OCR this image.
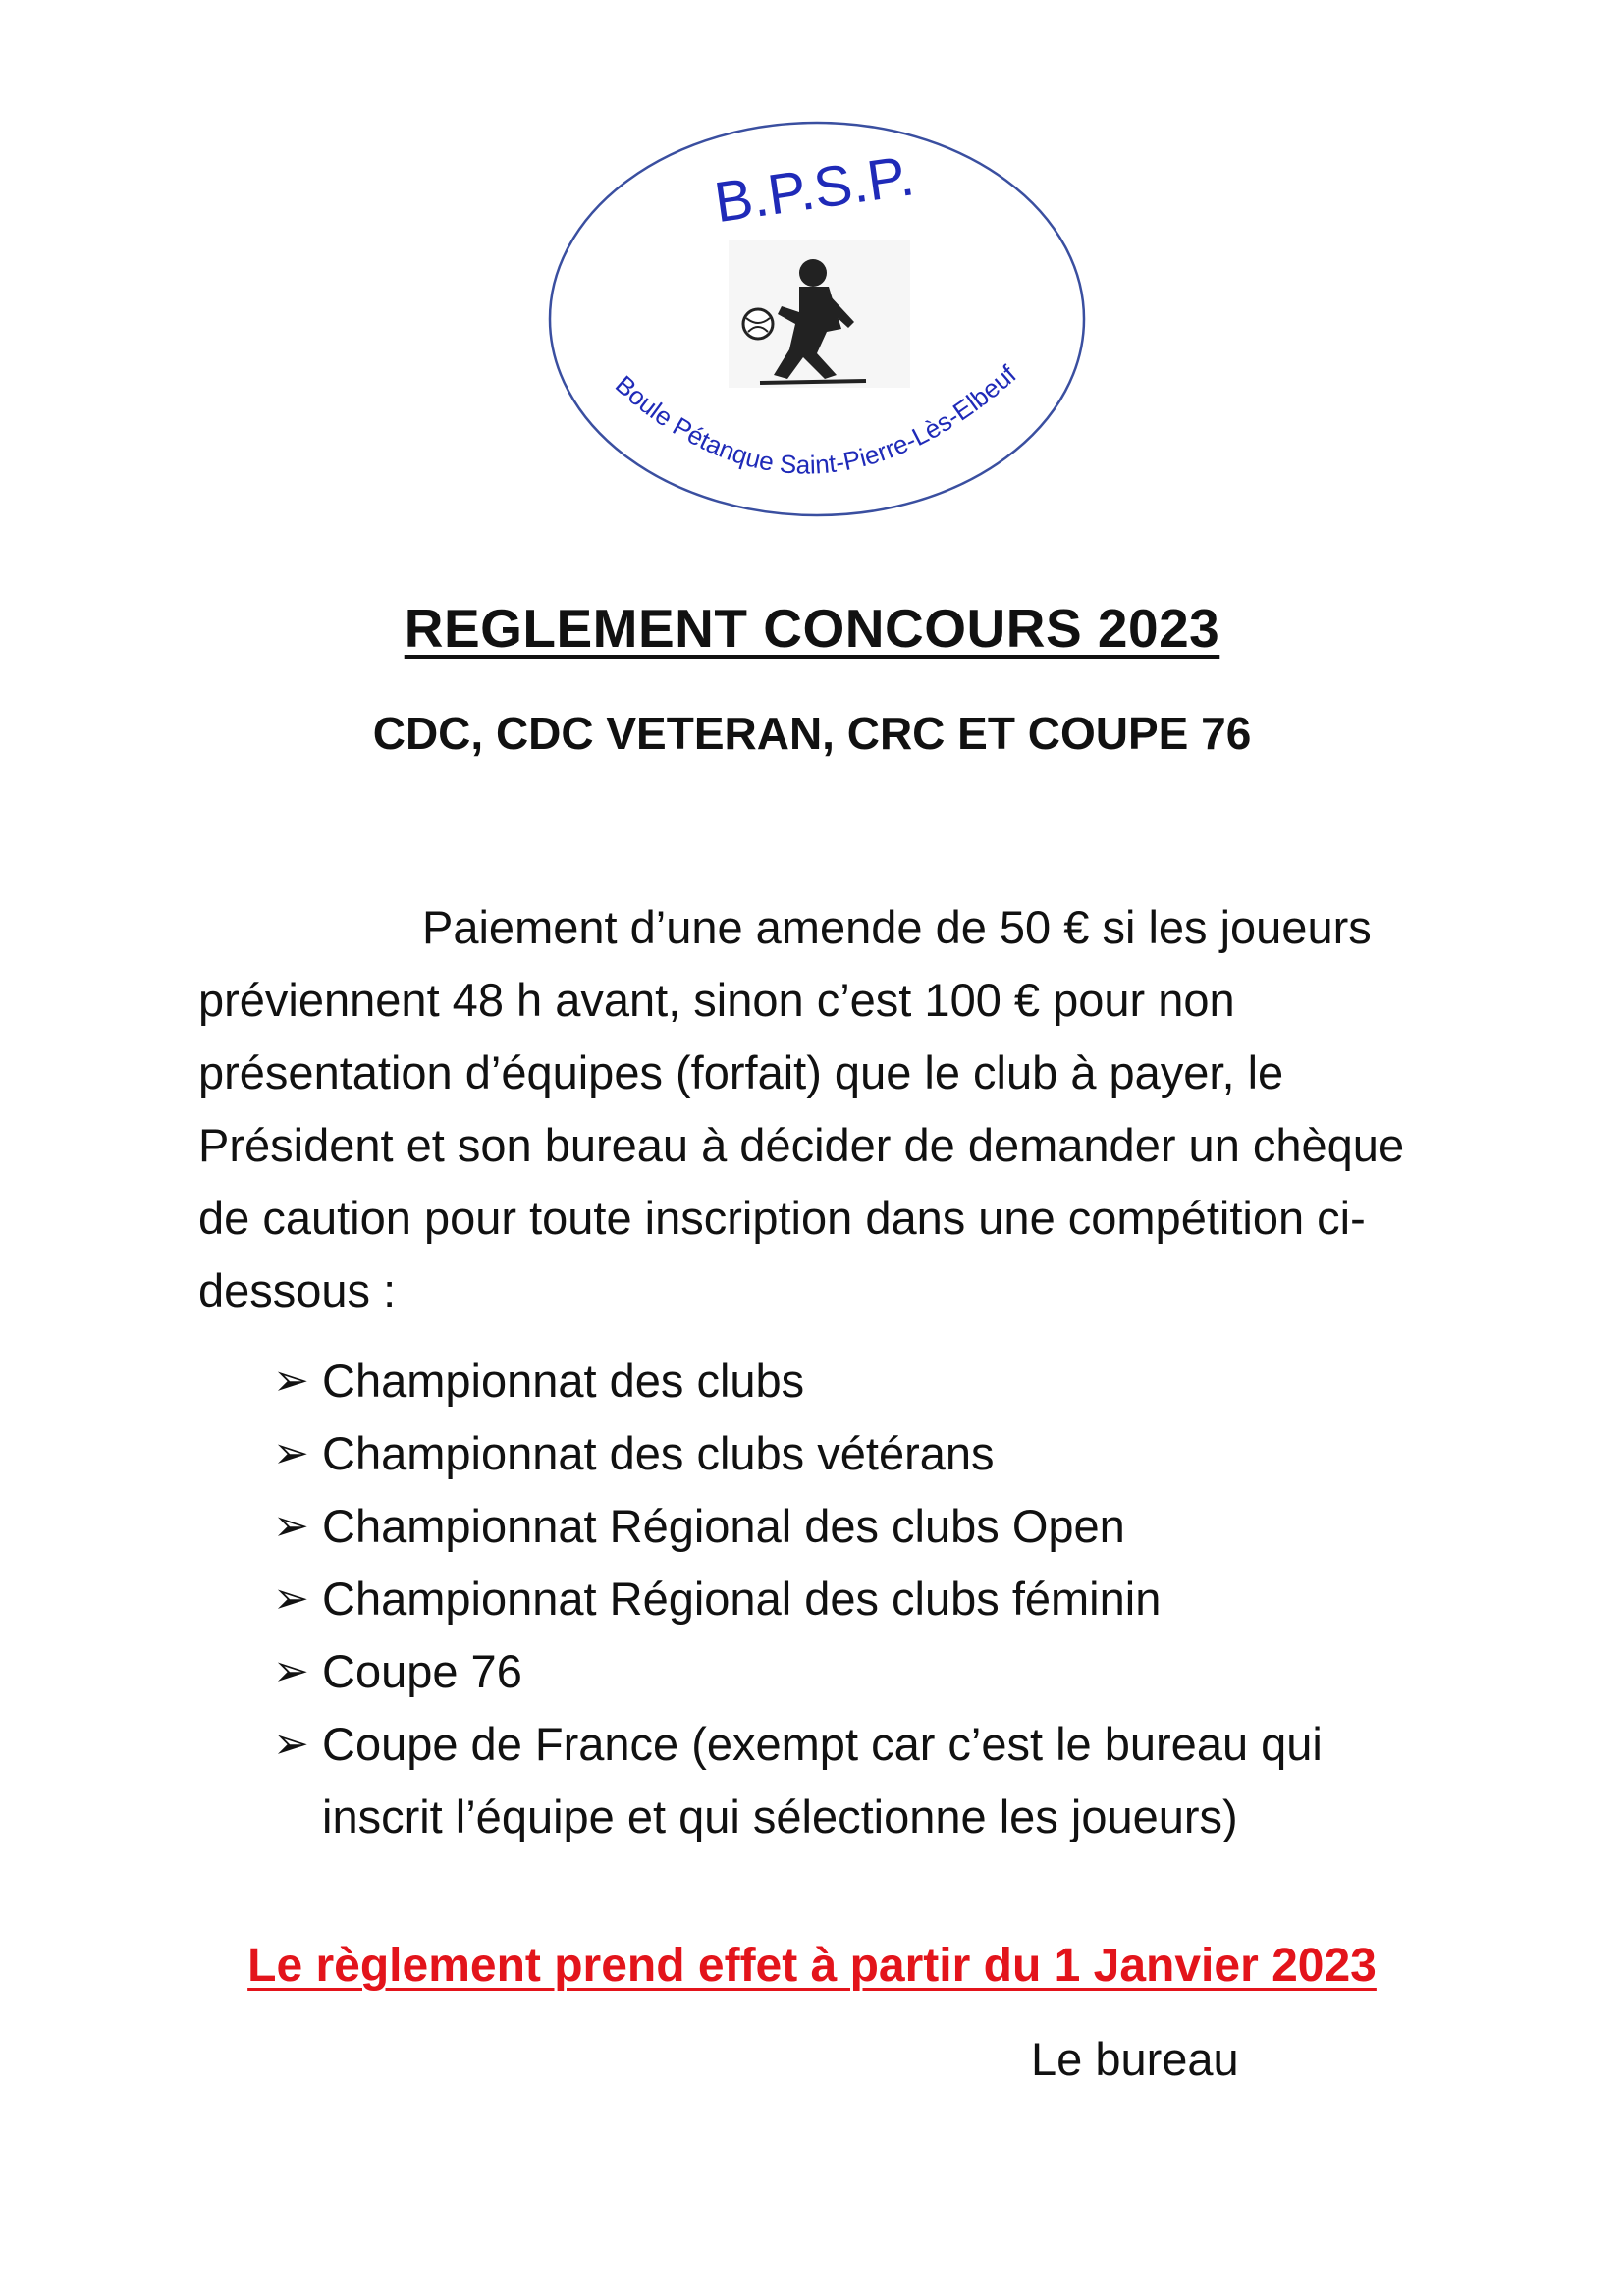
B.P.S.P.
Boule Pétanque Saint-Pierre-Lès-Elbeuf
REGLEMENT CONCOURS 2023
CDC, CDC VETERAN, CRC ET COUPE 76
Paiement d’une amende de 50 € si les joueurs préviennent 48 h avant, sinon c’est 100 € pour non présentation d’équipes (forfait) que le club à payer, le Président et son bureau à décider de demander un chèque de caution pour toute inscription dans une compétition ci-dessous :
➢ Championnat des clubs
➢ Championnat des clubs vétérans
➢ Championnat Régional des clubs Open
➢ Championnat Régional des clubs féminin
➢ Coupe 76
➢ Coupe de France (exempt car c’est le bureau qui inscrit l’équipe et qui sélectionne les joueurs)
Le règlement prend effet à partir du 1 Janvier 2023
Le bureau
